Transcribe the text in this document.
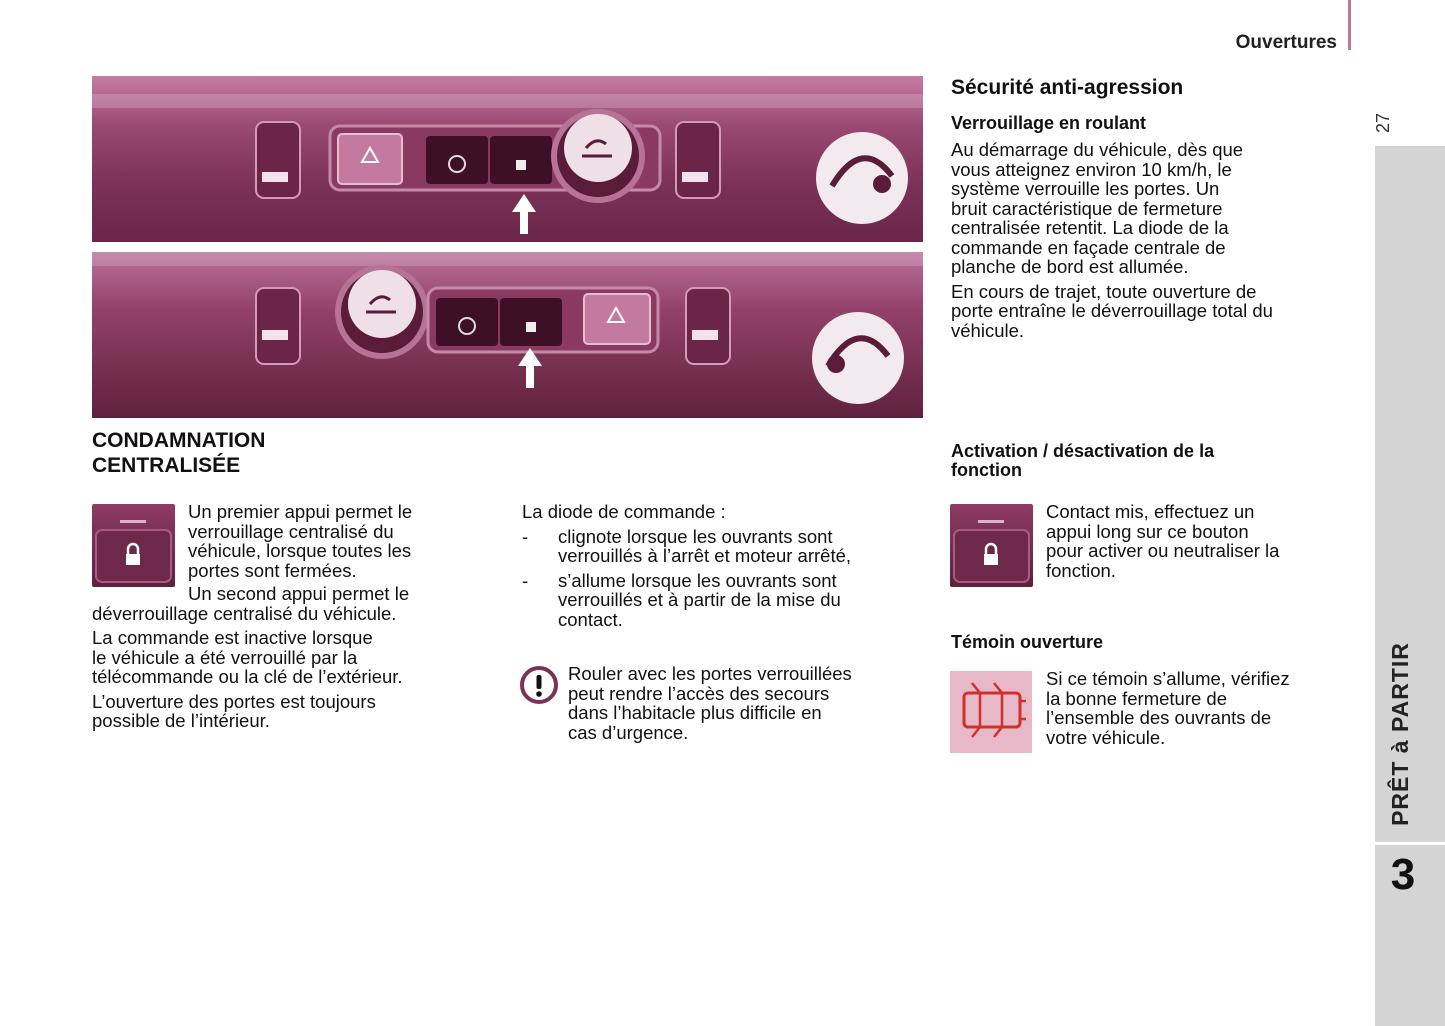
Ouvertures
27
PRÊT à PARTIR
3
CONDAMNATION
CENTRALISÉE
Un premier appui permet le
verrouillage centralisé du
véhicule, lorsque toutes les
portes sont fermées.
Un second appui permet le
déverrouillage centralisé du véhicule.
La commande est inactive lorsque
le véhicule a été verrouillé par la
télécommande ou la clé de l’extérieur.
L’ouverture des portes est toujours
possible de l’intérieur.
La diode de commande :
- clignote lorsque les ouvrants sont
verrouillés à l’arrêt et moteur arrêté,
- s’allume lorsque les ouvrants sont
verrouillés et à partir de la mise du
contact.
Rouler avec les portes verrouillées
peut rendre l’accès des secours
dans l’habitacle plus difficile en
cas d’urgence.
Sécurité anti-agression
Verrouillage en roulant
Au démarrage du véhicule, dès que
vous atteignez environ 10 km/h, le
système verrouille les portes. Un
bruit caractéristique de fermeture
centralisée retentit. La diode de la
commande en façade centrale de
planche de bord est allumée.
En cours de trajet, toute ouverture de
porte entraîne le déverrouillage total du
véhicule.
Activation / désactivation de la
fonction
Contact mis, effectuez un
appui long sur ce bouton
pour activer ou neutraliser la
fonction.
Témoin ouverture
Si ce témoin s’allume, vérifiez
la bonne fermeture de
l’ensemble des ouvrants de
votre véhicule.
